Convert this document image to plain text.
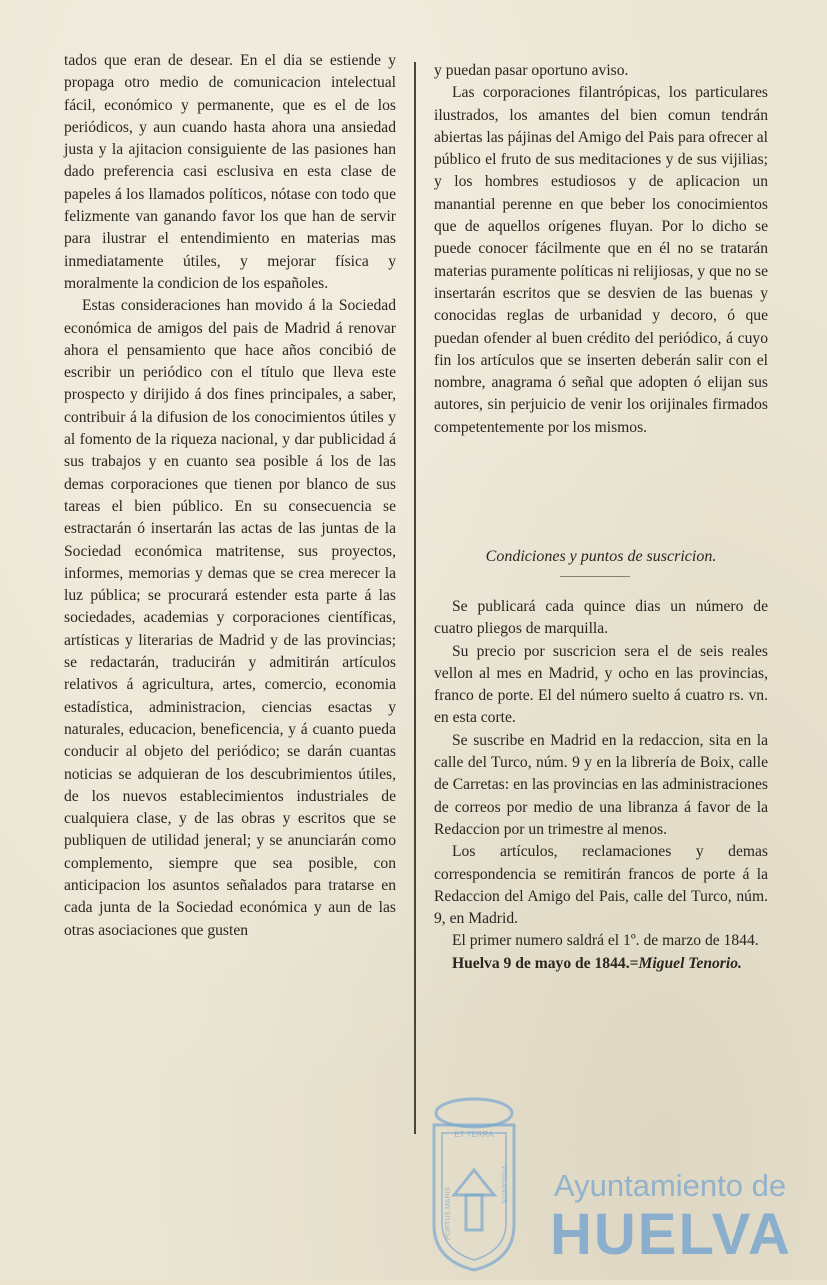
tados que eran de desear. En el dia se estiende y propaga otro medio de comunicacion intelectual fácil, económico y permanente, que es el de los periódicos, y aun cuando hasta ahora una ansiedad justa y la ajitacion consiguiente de las pasiones han dado preferencia casi esclusiva en esta clase de papeles á los llamados políticos, nótase con todo que felizmente van ganando favor los que han de servir para ilustrar el entendimiento en materias mas inmediatamente útiles, y mejorar física y moralmente la condicion de los españoles.

Estas consideraciones han movido á la Sociedad económica de amigos del pais de Madrid á renovar ahora el pensamiento que hace años concibió de escribir un periódico con el título que lleva este prospecto y dirijido á dos fines principales, a saber, contribuir á la difusion de los conocimientos útiles y al fomento de la riqueza nacional, y dar publicidad á sus trabajos y en cuanto sea posible á los de las demas corporaciones que tienen por blanco de sus tareas el bien público. En su consecuencia se estractarán ó insertarán las actas de las juntas de la Sociedad económica matritense, sus proyectos, informes, memorias y demas que se crea merecer la luz pública; se procurará estender esta parte á las sociedades, academias y corporaciones científicas, artísticas y literarias de Madrid y de las provincias; se redactarán, traducirán y admitirán artículos relativos á agricultura, artes, comercio, economia estadística, administracion, ciencias esactas y naturales, educacion, beneficencia, y á cuanto pueda conducir al objeto del periódico; se darán cuantas noticias se adquieran de los descubrimientos útiles, de los nuevos establecimientos industriales de cualquiera clase, y de las obras y escritos que se publiquen de utilidad jeneral; y se anunciarán como complemento, siempre que sea posible, con anticipacion los asuntos señalados para tratarse en cada junta de la Sociedad económica y aun de las otras asociaciones que gusten

y puedan pasar oportuno aviso.

Las corporaciones filantrópicas, los particulares ilustrados, los amantes del bien comun tendrán abiertas las pájinas del Amigo del Pais para ofrecer al público el fruto de sus meditaciones y de sus vijilias; y los hombres estudiosos y de aplicacion un manantial perenne en que beber los conocimientos que de aquellos orígenes fluyan. Por lo dicho se puede conocer fácilmente que en él no se tratarán materias puramente políticas ni relijiosas, y que no se insertarán escritos que se desvien de las buenas y conocidas reglas de urbanidad y decoro, ó que puedan ofender al buen crédito del periódico, á cuyo fin los artículos que se inserten deberán salir con el nombre, anagrama ó señal que adopten ó elijan sus autores, sin perjuicio de venir los orijinales firmados competentemente por los mismos.

Condiciones y puntos de suscricion.

Se publicará cada quince dias un número de cuatro pliegos de marquilla.

Su precio por suscricion sera el de seis reales vellon al mes en Madrid, y ocho en las provincias, franco de porte. El del número suelto á cuatro rs. vn. en esta corte.

Se suscribe en Madrid en la redaccion, sita en la calle del Turco, núm. 9 y en la librería de Boix, calle de Carretas: en las provincias en las administraciones de correos por medio de una libranza á favor de la Redaccion por un trimestre al menos.

Los artículos, reclamaciones y demas correspondencia se remitirán francos de porte á la Redaccion del Amigo del Pais, calle del Turco, núm. 9, en Madrid.

El primer numero saldrá el 1º. de marzo de 1844.

Huelva 9 de mayo de 1844.=Miguel Tenorio.

ET TERRA
PORTUS MARIS
VIGILANTIS Ayuntamiento de
HUELVA
